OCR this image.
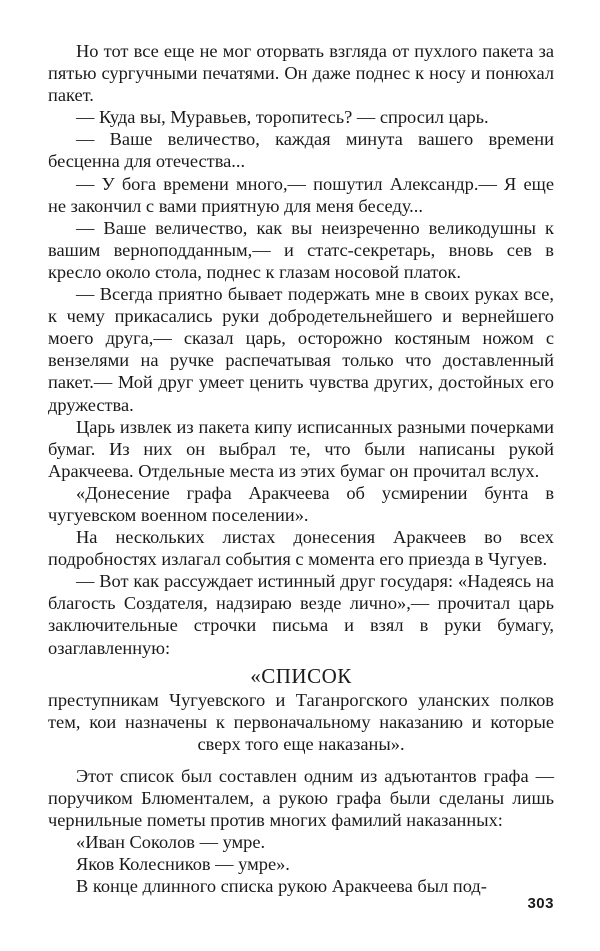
Но тот все еще не мог оторвать взгляда от пухлого пакета за пятью сургучными печатями. Он даже поднес к носу и понюхал пакет.

— Куда вы, Муравьев, торопитесь? — спросил царь.

— Ваше величество, каждая минута вашего времени бесценна для отечества...

— У бога времени много,— пошутил Александр.— Я еще не закончил с вами приятную для меня беседу...

— Ваше величество, как вы неизреченно великодушны к вашим верноподданным,— и статс-секретарь, вновь сев в кресло около стола, поднес к глазам носовой платок.

— Всегда приятно бывает подержать мне в своих руках все, к чему прикасались руки добродетельнейшего и вернейшего моего друга,— сказал царь, осторожно костяным ножом с вензелями на ручке распечатывая только что доставленный пакет.— Мой друг умеет ценить чувства других, достойных его дружества.

Царь извлек из пакета кипу исписанных разными почерками бумаг. Из них он выбрал те, что были написаны рукой Аракчеева. Отдельные места из этих бумаг он прочитал вслух.

«Донесение графа Аракчеева об усмирении бунта в чугуевском военном поселении».

На нескольких листах донесения Аракчеев во всех подробностях излагал события с момента его приезда в Чугуев.

— Вот как рассуждает истинный друг государя: «Надеясь на благость Создателя, надзираю везде лично»,— прочитал царь заключительные строчки письма и взял в руки бумагу, озаглавленную:

«СПИСОК

преступникам Чугуевского и Таганрогского уланских полков тем, кои назначены к первоначальному наказанию и которые сверх того еще наказаны».

Этот список был составлен одним из адъютантов графа — поручиком Блюменталем, а рукою графа были сделаны лишь чернильные пометы против многих фамилий наказанных:

«Иван Соколов — умре.

Яков Колесников — умре».

В конце длинного списка рукою Аракчеева был под-

303
